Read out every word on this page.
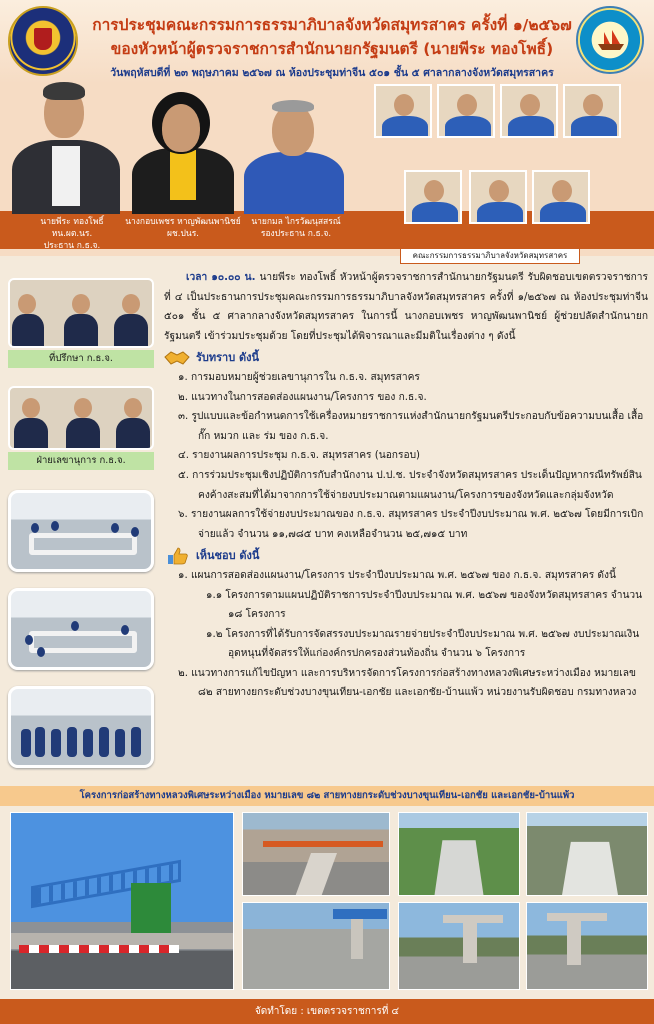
การประชุมคณะกรรมการธรรมาภิบาลจังหวัดสมุทรสาคร ครั้งที่ ๑/๒๕๖๗
ของหัวหน้าผู้ตรวจราชการสำนักนายกรัฐมนตรี (นายพีระ ทองโพธิ์)
วันพฤหัสบดีที่ ๒๓ พฤษภาคม ๒๕๖๗ ณ ห้องประชุมท่าจีน ๕๐๑ ชั้น ๕ ศาลากลางจังหวัดสมุทรสาคร
นายพีระ ทองโพธิ์
หน.ผต.นร.
ประธาน ก.ธ.จ.
นางกอบเพชร หาญพัฒนพานิชย์
ผช.ปนร.
นายกมล ไกรวัฒนุสสรณ์
รองประธาน ก.ธ.จ.
คณะกรรมการธรรมาภิบาลจังหวัดสมุทรสาคร
ที่ปรึกษา ก.ธ.จ.
ฝ่ายเลขานุการ ก.ธ.จ.

เวลา ๑๐.๐๐ น. นายพีระ ทองโพธิ์ หัวหน้าผู้ตรวจราชการสำนักนายกรัฐมนตรี รับผิดชอบเขตตรวจราชการที่ ๔ เป็นประธานการประชุมคณะกรรมการธรรมาภิบาลจังหวัดสมุทรสาคร ครั้งที่ ๑/๒๕๖๗ ณ ห้องประชุมท่าจีน ๕๐๑ ชั้น ๕ ศาลากลางจังหวัดสมุทรสาคร ในการนี้ นางกอบเพชร หาญพัฒนพานิชย์ ผู้ช่วยปลัดสำนักนายกรัฐมนตรี เข้าร่วมประชุมด้วย โดยที่ประชุมได้พิจารณาและมีมติในเรื่องต่าง ๆ ดังนี้

รับทราบ ดังนี้
๑. การมอบหมายผู้ช่วยเลขานุการใน ก.ธ.จ. สมุทรสาคร
๒. แนวทางในการสอดส่องแผนงาน/โครงการ ของ ก.ธ.จ.
๓. รูปแบบและข้อกำหนดการใช้เครื่องหมายราชการแห่งสำนักนายกรัฐมนตรีประกอบกับข้อความบนเสื้อ เสื้อกั๊ก หมวก และ ร่ม ของ ก.ธ.จ.
๔. รายงานผลการประชุม ก.ธ.จ. สมุทรสาคร (นอกรอบ)
๕. การร่วมประชุมเชิงปฏิบัติการกับสำนักงาน ป.ป.ช. ประจำจังหวัดสมุทรสาคร ประเด็นปัญหากรณีทรัพย์สินคงค้างสะสมที่ได้มาจากการใช้จ่ายงบประมาณตามแผนงาน/โครงการของจังหวัดและกลุ่มจังหวัด
๖. รายงานผลการใช้จ่ายงบประมาณของ ก.ธ.จ. สมุทรสาคร ประจำปีงบประมาณ พ.ศ. ๒๕๖๗ โดยมีการเบิกจ่ายแล้ว จำนวน ๑๑,๗๘๕ บาท คงเหลือจำนวน ๒๕,๗๑๕ บาท
เห็นชอบ ดังนี้
๑. แผนการสอดส่องแผนงาน/โครงการ ประจำปีงบประมาณ พ.ศ. ๒๕๖๗ ของ ก.ธ.จ. สมุทรสาคร ดังนี้
๑.๑ โครงการตามแผนปฏิบัติราชการประจำปีงบประมาณ พ.ศ. ๒๕๖๗ ของจังหวัดสมุทรสาคร จำนวน ๑๘ โครงการ
๑.๒ โครงการที่ได้รับการจัดสรรงบประมาณรายจ่ายประจำปีงบประมาณ พ.ศ. ๒๕๖๗ งบประมาณเงินอุดหนุนที่จัดสรรให้แก่องค์กรปกครองส่วนท้องถิ่น จำนวน ๖ โครงการ
๒. แนวทางการแก้ไขปัญหา และการบริหารจัดการโครงการก่อสร้างทางหลวงพิเศษระหว่างเมือง หมายเลข ๘๒ สายทางยกระดับช่วงบางขุนเทียน-เอกชัย และเอกชัย-บ้านแพ้ว หน่วยงานรับผิดชอบ กรมทางหลวง
โครงการก่อสร้างทางหลวงพิเศษระหว่างเมือง หมายเลข ๘๒ สายทางยกระดับช่วงบางขุนเทียน-เอกชัย และเอกชัย-บ้านแพ้ว
จัดทำโดย : เขตตรวจราชการที่ ๔
